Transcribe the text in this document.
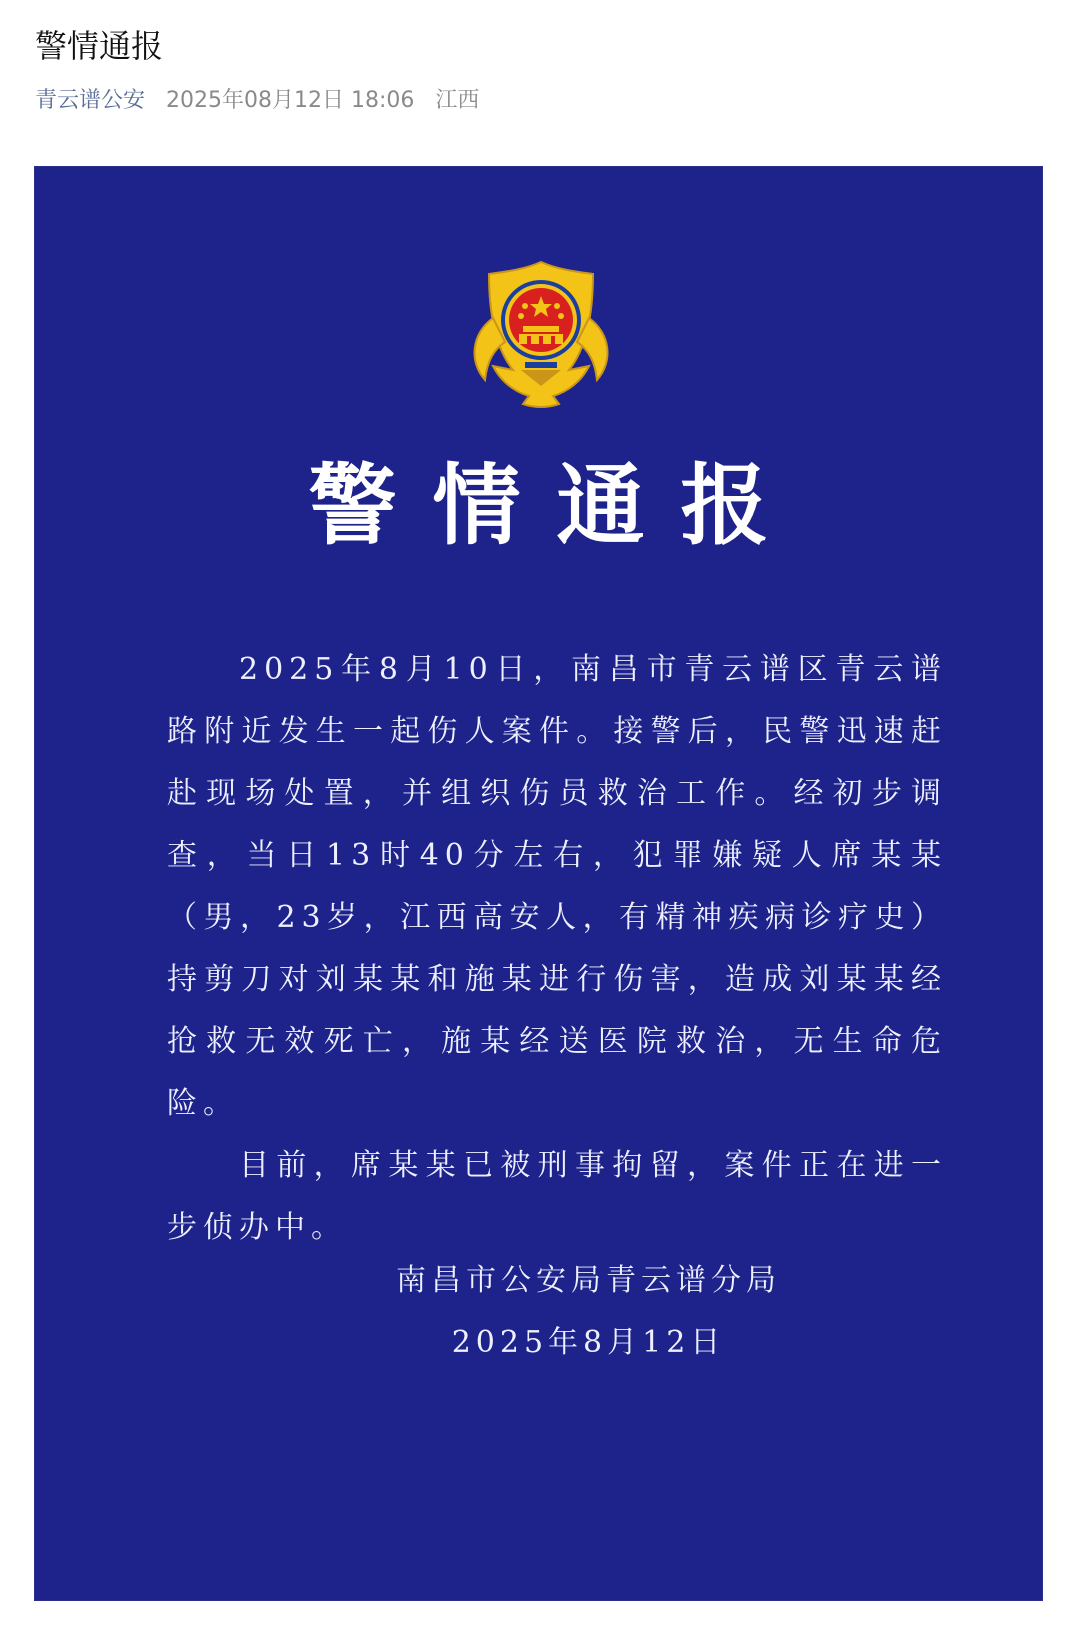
警情通报
青云谱公安 2025年08月12日 18:06 江西
警情通报

2025年8月10日，南昌市青云谱区青云谱路附近发生一起伤人案件。接警后，民警迅速赶赴现场处置，并组织伤员救治工作。经初步调查，当日13时40分左右，犯罪嫌疑人席某某（男，23岁，江西高安人，有精神疾病诊疗史）持剪刀对刘某某和施某进行伤害，造成刘某某经抢救无效死亡，施某经送医院救治，无生命危险。

目前，席某某已被刑事拘留，案件正在进一步侦办中。

南昌市公安局青云谱分局
2025年8月12日
